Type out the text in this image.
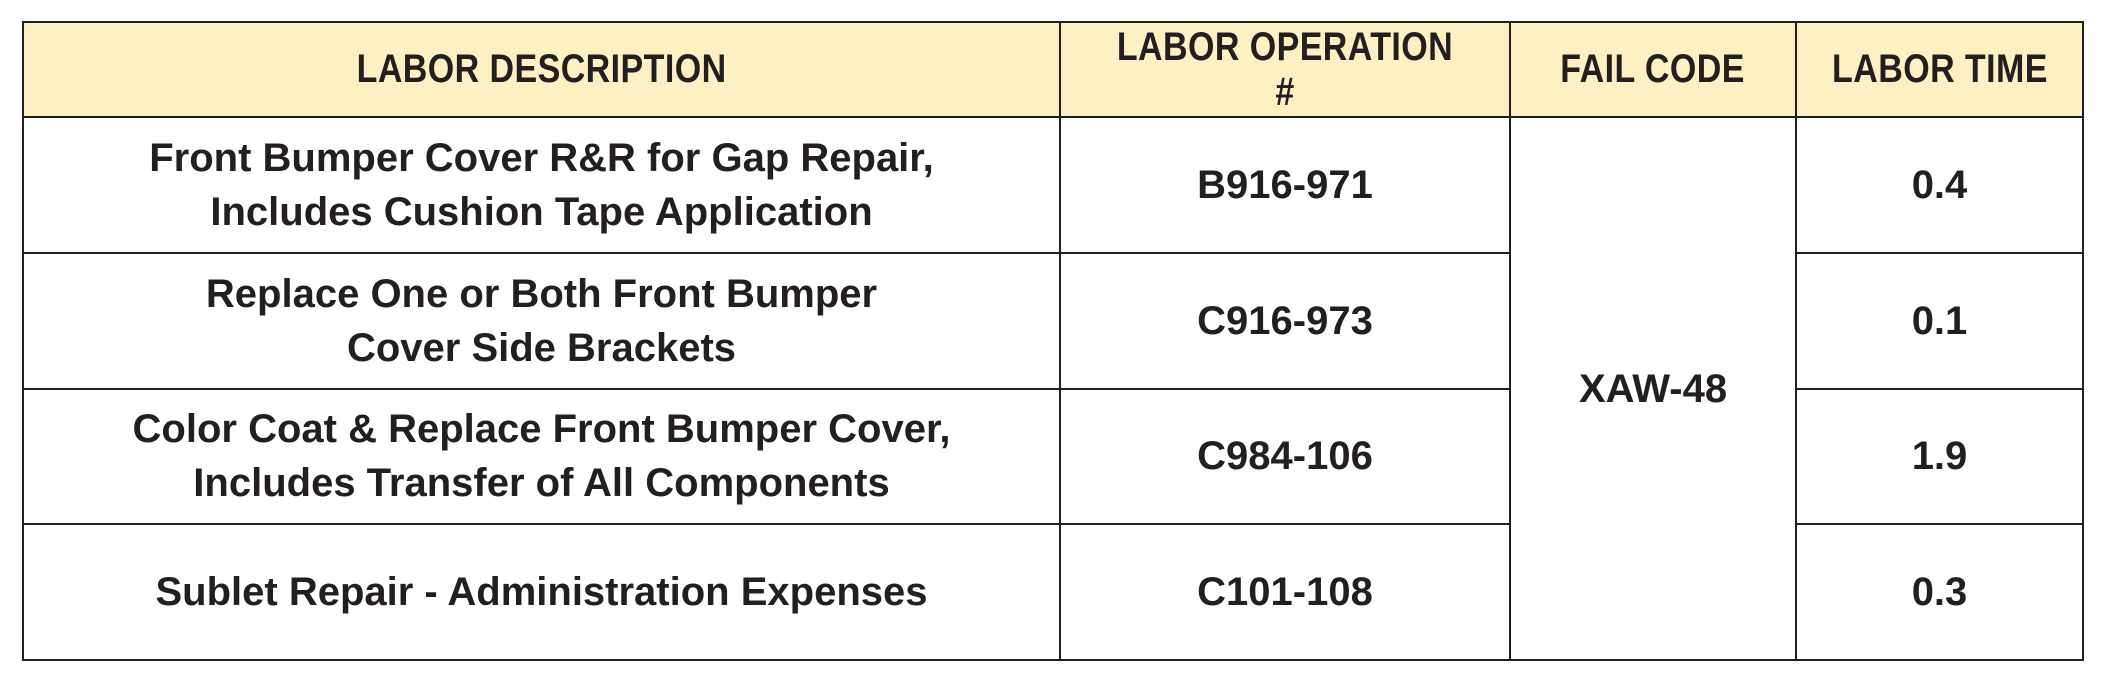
LABOR DESCRIPTION	LABOR OPERATION #	FAIL CODE	LABOR TIME

Front Bumper Cover R&R for Gap Repair,
Includes Cushion Tape Application	B916-971	XAW-48	0.4

Replace One or Both Front Bumper
Cover Side Brackets	C916-973		0.1

Color Coat & Replace Front Bumper Cover,
Includes Transfer of All Components	C984-106		1.9

Sublet Repair - Administration Expenses	C101-108		0.3
